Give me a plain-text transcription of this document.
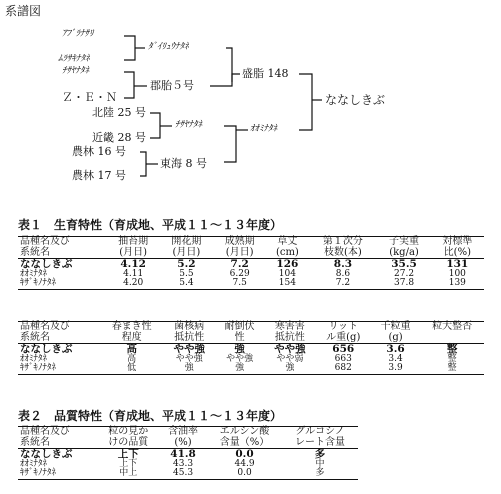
系譜図
ｱﾌﾞﾗﾅｻﾘ
ﾑﾗｻｷﾅﾀﾈ
ﾀﾞｲﾘｭｳﾅﾀﾈ
ﾁｻﾔﾅﾀﾈ
郡胎５号
Ｚ・Ｅ・Ｎ
盛脂 148
ななしきぶ
北陸 25 号
近畿 28 号
ﾁｻﾔﾅﾀﾈ	ｵｵﾐﾅﾀﾈ
農林 16 号
農林 17 号
東海 8 号
表１　生育特性（育成地、平成１１～１３年度）
品種名及び	抽苔期	開花期	成熟期	草丈	第１次分	子実重	対標準
系統名	(月日)	(月日)	(月日)	(cm)	枝数(本)	(kg/a)	比(%)
ななしきぶ	4.12	5.2	7.2	126	8.3	35.5	131
ｵｵﾐﾅﾀﾈ	4.11	5.5	6.29	104	8.6	27.2	100
ｷｻﾞｷﾉﾅﾀﾈ	4.20	5.4	7.5	154	7.2	37.8	139
品種名及び	春まき性	菌核病	耐倒伏	寒害害	リット	千粒重	粒大整否
系統名	程度	抵抗性	性	抵抗性	ル重(g)	(g)	
ななしきぶ	高	やや強	強	やや強	656	3.6	整
ｵｵﾐﾅﾀﾈ	高	やや強	やや強	やや弱	663	3.4	整
ｷｻﾞｷﾉﾅﾀﾈ	低	強	強	強	682	3.9	整
表２　品質特性（育成地、平成１１～１３年度）
品種名及び	粒の見か	含油率	エルシン酸	グルコシノ
系統名	けの品質	(%)	含量（%）	レート含量
ななしきぶ	上下	41.8	0.0	多
ｵｵﾐﾅﾀﾈ	上下	43.3	44.9	中
ｷｻﾞｷﾉﾅﾀﾈ	中上	45.3	0.0	多
